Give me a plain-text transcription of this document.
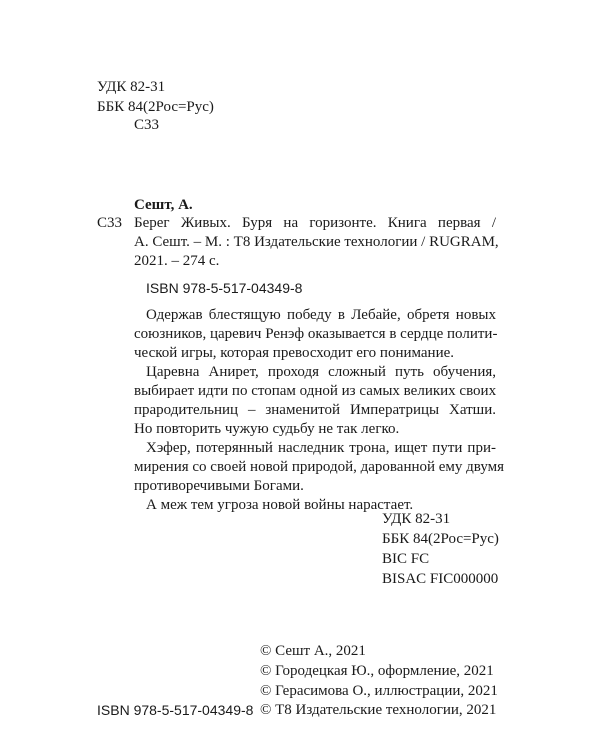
УДК 82-31
ББК 84(2Рос=Рус)
С33
Сешт, А.
С33 Берег Живых. Буря на горизонте. Книга первая /
А. Сешт. – М. : Т8 Издательские технологии / RUGRAM,
2021. – 274 с.
ISBN 978-5-517-04349-8
Одержав блестящую победу в Лебайе, обретя новых
союзников, царевич Ренэф оказывается в сердце полити-
ческой игры, которая превосходит его понимание.
Царевна Анирет, проходя сложный путь обучения,
выбирает идти по стопам одной из самых великих своих
прародительниц – знаменитой Императрицы Хатши.
Но повторить чужую судьбу не так легко.
Хэфер, потерянный наследник трона, ищет пути при-
мирения со своей новой природой, дарованной ему двумя
противоречивыми Богами.
А меж тем угроза новой войны нарастает.
УДК 82-31
ББК 84(2Рос=Рус)
BIC FC
BISAC FIC000000
© Сешт А., 2021
© Городецкая Ю., оформление, 2021
© Герасимова О., иллюстрации, 2021
© Т8 Издательские технологии, 2021
ISBN 978-5-517-04349-8
